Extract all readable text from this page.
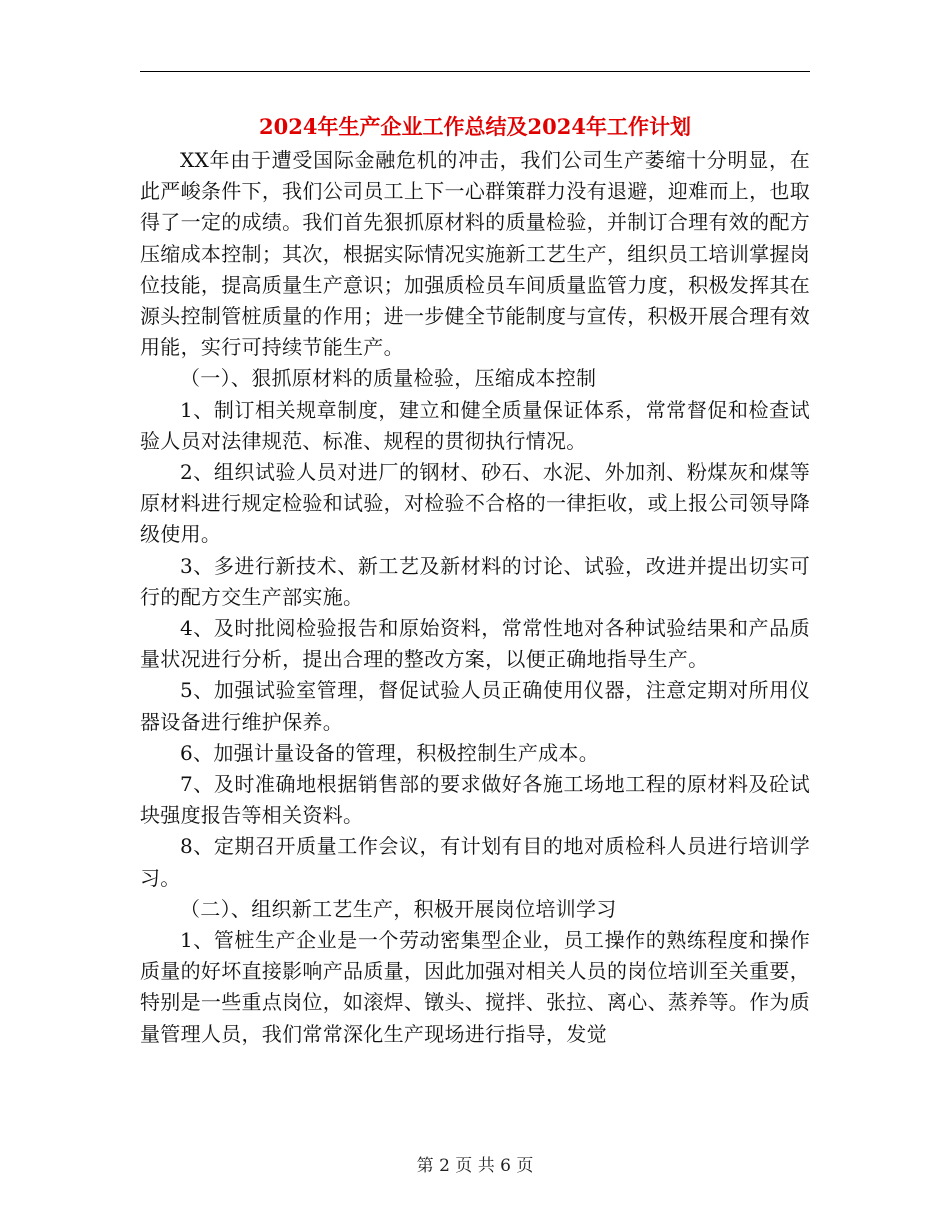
2024年生产企业工作总结及2024年工作计划

XX年由于遭受国际金融危机的冲击，我们公司生产萎缩十分明显，在此严峻条件下，我们公司员工上下一心群策群力没有退避，迎难而上，也取得了一定的成绩。我们首先狠抓原材料的质量检验，并制订合理有效的配方压缩成本控制；其次，根据实际情况实施新工艺生产，组织员工培训掌握岗位技能，提高质量生产意识；加强质检员车间质量监管力度，积极发挥其在源头控制管桩质量的作用；进一步健全节能制度与宣传，积极开展合理有效用能，实行可持续节能生产。

（一）、狠抓原材料的质量检验，压缩成本控制

1、制订相关规章制度，建立和健全质量保证体系，常常督促和检查试验人员对法律规范、标准、规程的贯彻执行情况。

2、组织试验人员对进厂的钢材、砂石、水泥、外加剂、粉煤灰和煤等原材料进行规定检验和试验，对检验不合格的一律拒收，或上报公司领导降级使用。

3、多进行新技术、新工艺及新材料的讨论、试验，改进并提出切实可行的配方交生产部实施。

4、及时批阅检验报告和原始资料，常常性地对各种试验结果和产品质量状况进行分析，提出合理的整改方案，以便正确地指导生产。

5、加强试验室管理，督促试验人员正确使用仪器，注意定期对所用仪器设备进行维护保养。

6、加强计量设备的管理，积极控制生产成本。

7、及时准确地根据销售部的要求做好各施工场地工程的原材料及砼试块强度报告等相关资料。

8、定期召开质量工作会议，有计划有目的地对质检科人员进行培训学习。

（二）、组织新工艺生产，积极开展岗位培训学习

1、管桩生产企业是一个劳动密集型企业，员工操作的熟练程度和操作质量的好坏直接影响产品质量，因此加强对相关人员的岗位培训至关重要，特别是一些重点岗位，如滚焊、镦头、搅拌、张拉、离心、蒸养等。作为质量管理人员，我们常常深化生产现场进行指导，发觉

第 2 页 共 6 页
